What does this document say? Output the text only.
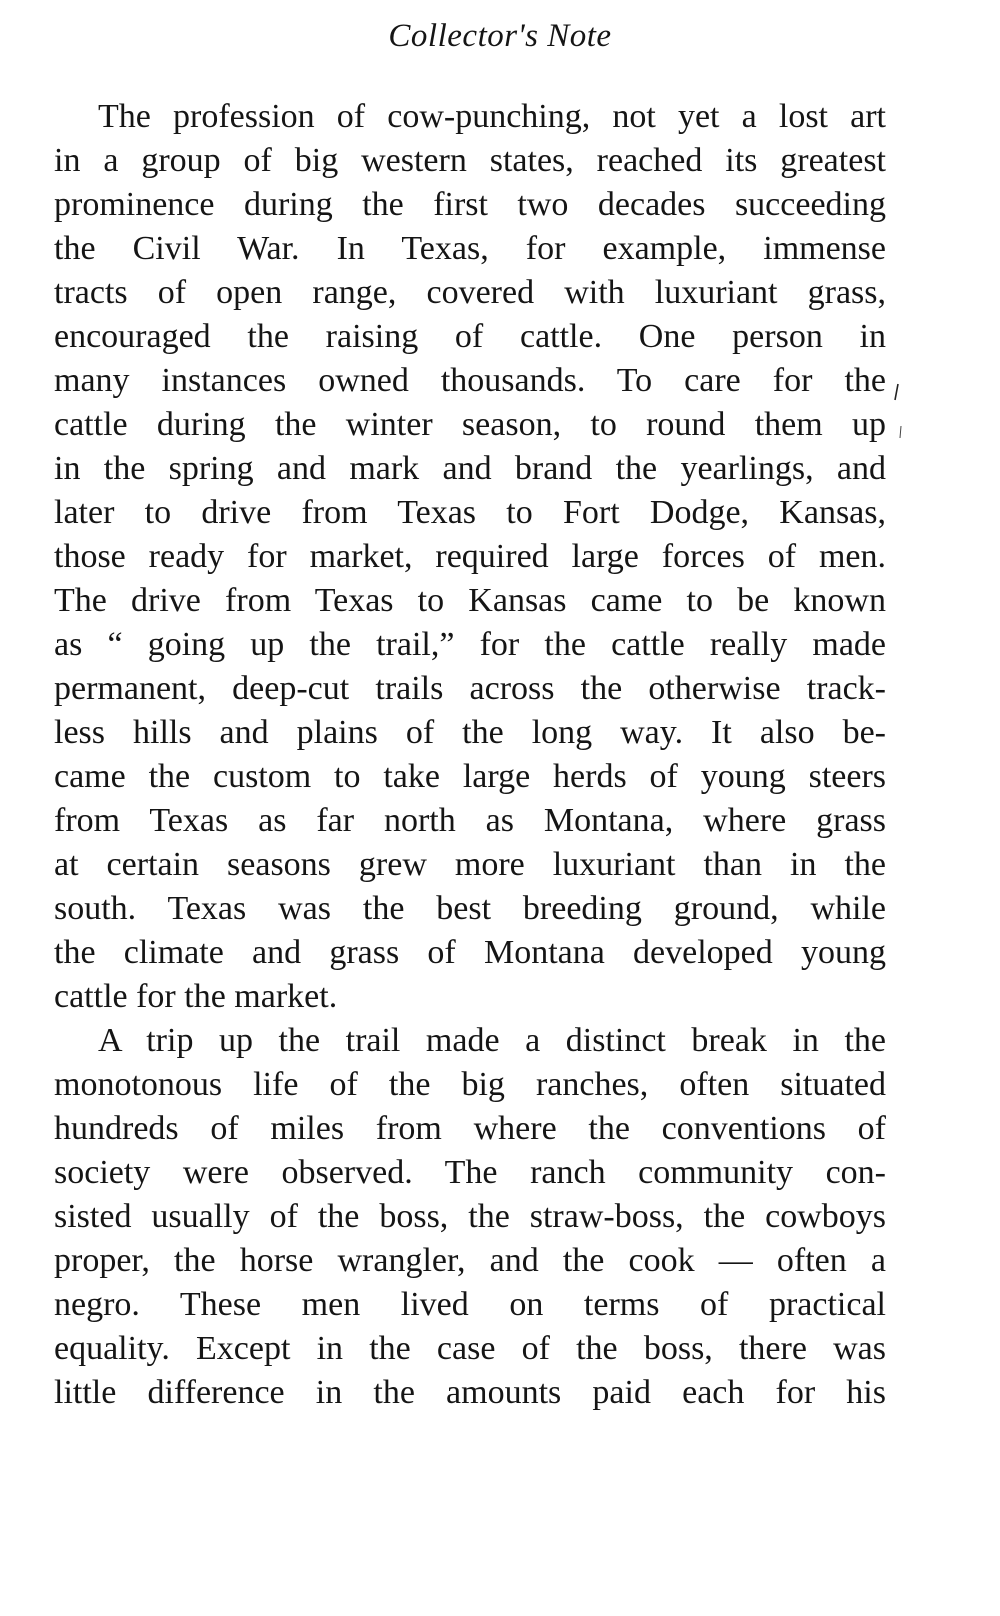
Collector's Note
The profession of cow-punching, not yet a lost art
in a group of big western states, reached its greatest
prominence during the first two decades succeeding
the Civil War. In Texas, for example, immense
tracts of open range, covered with luxuriant grass,
encouraged the raising of cattle. One person in
many instances owned thousands. To care for the
cattle during the winter season, to round them up
in the spring and mark and brand the yearlings, and
later to drive from Texas to Fort Dodge, Kansas,
those ready for market, required large forces of men.
The drive from Texas to Kansas came to be known
as “ going up the trail,” for the cattle really made
permanent, deep-cut trails across the otherwise track-
less hills and plains of the long way. It also be-
came the custom to take large herds of young steers
from Texas as far north as Montana, where grass
at certain seasons grew more luxuriant than in the
south. Texas was the best breeding ground, while
the climate and grass of Montana developed young
cattle for the market.
A trip up the trail made a distinct break in the
monotonous life of the big ranches, often situated
hundreds of miles from where the conventions of
society were observed. The ranch community con-
sisted usually of the boss, the straw-boss, the cowboys
proper, the horse wrangler, and the cook — often a
negro. These men lived on terms of practical
equality. Except in the case of the boss, there was
little difference in the amounts paid each for his
